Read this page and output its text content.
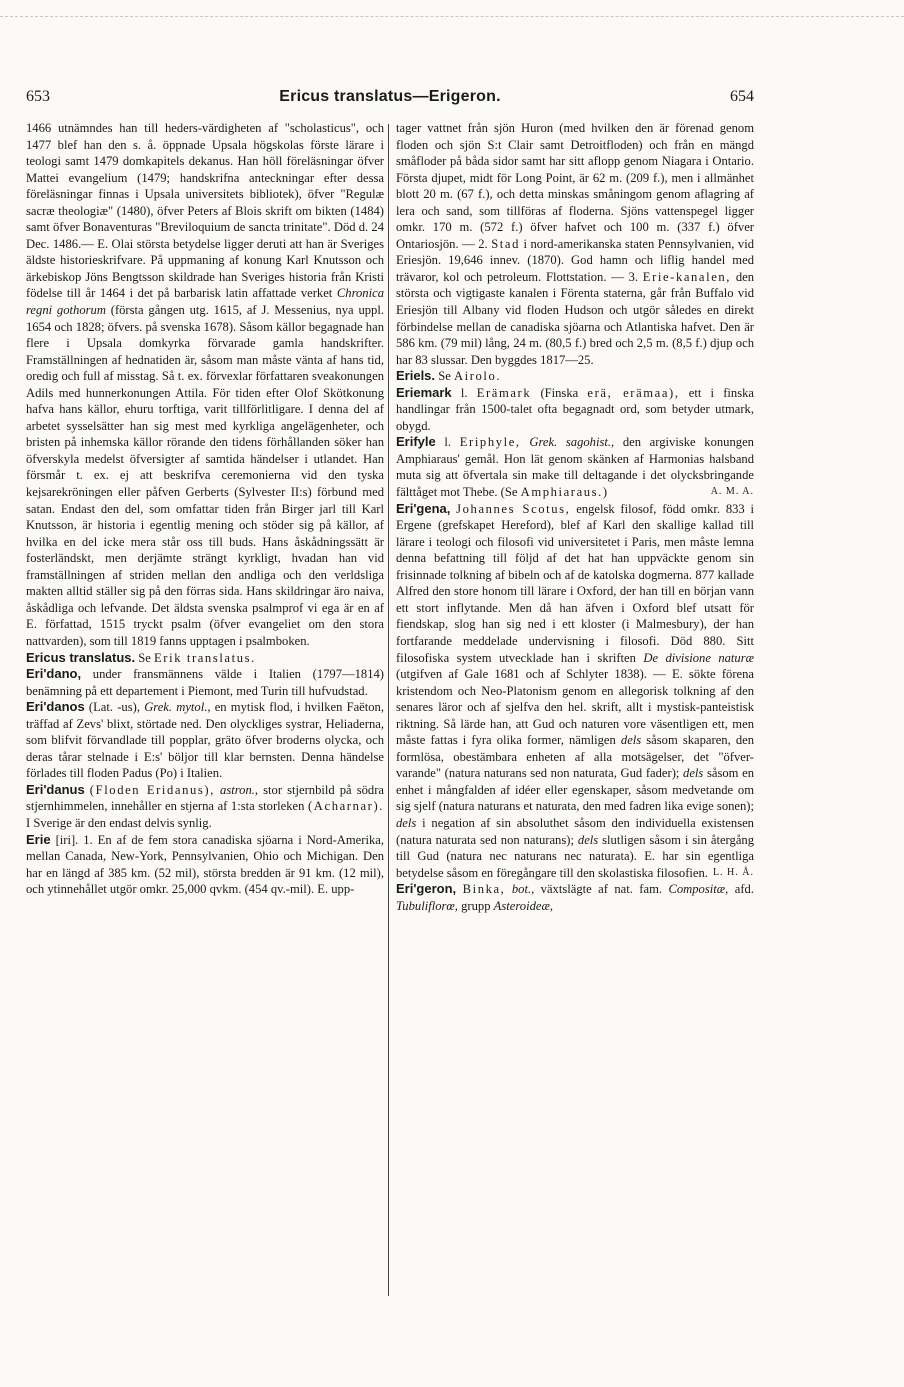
653	Ericus translatus—Erigeron.	654

1466 utnämndes han till heders-värdigheten af "scholasticus", och 1477 blef han den s. å. öppnade Upsala högskolas förste lärare i teologi samt 1479 domkapitels dekanus. Han höll föreläsningar öfver Mattei evangelium (1479; handskrifna anteckningar efter dessa föreläsningar finnas i Upsala universitets bibliotek), öfver "Regulæ sacræ theologiæ" (1480), öfver Peters af Blois skrift om bikten (1484) samt öfver Bonaventuras "Breviloquium de sancta trinitate". Död d. 24 Dec. 1486.— E. Olai största betydelse ligger deruti att han är Sveriges äldste historieskrifvare. På uppmaning af konung Karl Knutsson och ärkebiskop Jöns Bengtsson skildrade han Sveriges historia från Kristi födelse till år 1464 i det på barbarisk latin affattade verket Chronica regni gothorum (första gången utg. 1615, af J. Messenius, nya uppl. 1654 och 1828; öfvers. på svenska 1678). Såsom källor begagnade han flere i Upsala domkyrka förvarade gamla handskrifter. Framställningen af hednatiden är, såsom man måste vänta af hans tid, oredig och full af misstag. Så t. ex. förvexlar författaren sveakonungen Adils med hunnerkonungen Attila. För tiden efter Olof Skötkonung hafva hans källor, ehuru torftiga, varit tillförlitligare. I denna del af arbetet sysselsätter han sig mest med kyrkliga angelägenheter, och bristen på inhemska källor rörande den tidens förhållanden söker han öfverskyla medelst öfversigter af samtida händelser i utlandet. Han försmår t. ex. ej att beskrifva ceremonierna vid den tyska kejsarekröningen eller påfven Gerberts (Sylvester II:s) förbund med satan. Endast den del, som omfattar tiden från Birger jarl till Karl Knutsson, är historia i egentlig mening och stöder sig på källor, af hvilka en del icke mera står oss till buds. Hans åskådningssätt är fosterländskt, men derjämte strängt kyrkligt, hvadan han vid framställningen af striden mellan den andliga och den verldsliga makten alltid ställer sig på den förras sida. Hans skildringar äro naiva, åskådliga och lefvande. Det äldsta svenska psalmprof vi ega är en af E. författad, 1515 tryckt psalm (öfver evangeliet om den stora nattvarden), som till 1819 fanns upptagen i psalmboken.

Ericus translatus. Se Erik translatus.

Eri'dano, under fransmännens välde i Italien (1797—1814) benämning på ett departement i Piemont, med Turin till hufvudstad.

Eri'danos (Lat. -us), Grek. mytol., en mytisk flod, i hvilken Faëton, träffad af Zevs' blixt, störtade ned. Den olyckliges systrar, Heliaderna, som blifvit förvandlade till popplar, gräto öfver broderns olycka, och deras tårar stelnade i E:s' böljor till klar bernsten. Denna händelse förlades till floden Padus (Po) i Italien.

Eri'danus (Floden Eridanus), astron., stor stjernbild på södra stjernhimmelen, innehåller en stjerna af 1:sta storleken (Acharnar). I Sverige är den endast delvis synlig.

Erie [iri]. 1. En af de fem stora canadiska sjöarna i Nord-Amerika, mellan Canada, New-York, Pennsylvanien, Ohio och Michigan. Den har en längd af 385 km. (52 mil), största bredden är 91 km. (12 mil), och ytinnehållet utgör omkr. 25,000 qvkm. (454 qv.-mil). E. upp-

tager vattnet från sjön Huron (med hvilken den är förenad genom floden och sjön S:t Clair samt Detroitfloden) och från en mängd småfloder på båda sidor samt har sitt aflopp genom Niagara i Ontario. Första djupet, midt för Long Point, är 62 m. (209 f.), men i allmänhet blott 20 m. (67 f.), och detta minskas småningom genom aflagring af lera och sand, som tillföras af floderna. Sjöns vattenspegel ligger omkr. 170 m. (572 f.) öfver hafvet och 100 m. (337 f.) öfver Ontariosjön. — 2. Stad i nord-amerikanska staten Pennsylvanien, vid Eriesjön. 19,646 innev. (1870). God hamn och liflig handel med trävaror, kol och petroleum. Flottstation. — 3. Erie-kanalen, den största och vigtigaste kanalen i Förenta staterna, går från Buffalo vid Eriesjön till Albany vid floden Hudson och utgör således en direkt förbindelse mellan de canadiska sjöarna och Atlantiska hafvet. Den är 586 km. (79 mil) lång, 24 m. (80,5 f.) bred och 2,5 m. (8,5 f.) djup och har 83 slussar. Den byggdes 1817—25.

Eriels. Se Airolo.

Eriemark l. Erämark (Finska erä, erämaa), ett i finska handlingar från 1500-talet ofta begagnadt ord, som betyder utmark, obygd.

Erifyle l. Eriphyle, Grek. sagohist., den argiviske konungen Amphiaraus' gemål. Hon lät genom skänken af Harmonias halsband muta sig att öfvertala sin make till deltagande i det olycksbringande fälttåget mot Thebe. (Se Amphiaraus.)	A. M. A.

Eri'gena, Johannes Scotus, engelsk filosof, född omkr. 833 i Ergene (grefskapet Hereford), blef af Karl den skallige kallad till lärare i teologi och filosofi vid universitetet i Paris, men måste lemna denna befattning till följd af det hat han uppväckte genom sin frisinnade tolkning af bibeln och af de katolska dogmerna. 877 kallade Alfred den store honom till lärare i Oxford, der han till en början vann ett stort inflytande. Men då han äfven i Oxford blef utsatt för fiendskap, slog han sig ned i ett kloster (i Malmesbury), der han fortfarande meddelade undervisning i filosofi. Död 880. Sitt filosofiska system utvecklade han i skriften De divisione naturæ (utgifven af Gale 1681 och af Schlyter 1838). — E. sökte förena kristendom och Neo-Platonism genom en allegorisk tolkning af den senares läror och af sjelfva den hel. skrift, allt i mystisk-panteistisk riktning. Så lärde han, att Gud och naturen vore väsentligen ett, men måste fattas i fyra olika former, nämligen dels såsom skaparen, den formlösa, obestämbara enheten af alla motsägelser, det "öfver-varande" (natura naturans sed non naturata, Gud fader); dels såsom en enhet i mångfalden af idéer eller egenskaper, såsom medvetande om sig sjelf (natura naturans et naturata, den med fadren lika evige sonen); dels i negation af sin absoluthet såsom den individuella existensen (natura naturata sed non naturans); dels slutligen såsom i sin återgång till Gud (natura nec naturans nec naturata). E. har sin egentliga betydelse såsom en föregångare till den skolastiska filosofien. L. H. Å.

Eri'geron, Binka, bot., växtslägte af nat. fam. Compositæ, afd. Tubuliflorœ, grupp Asteroideæ,
